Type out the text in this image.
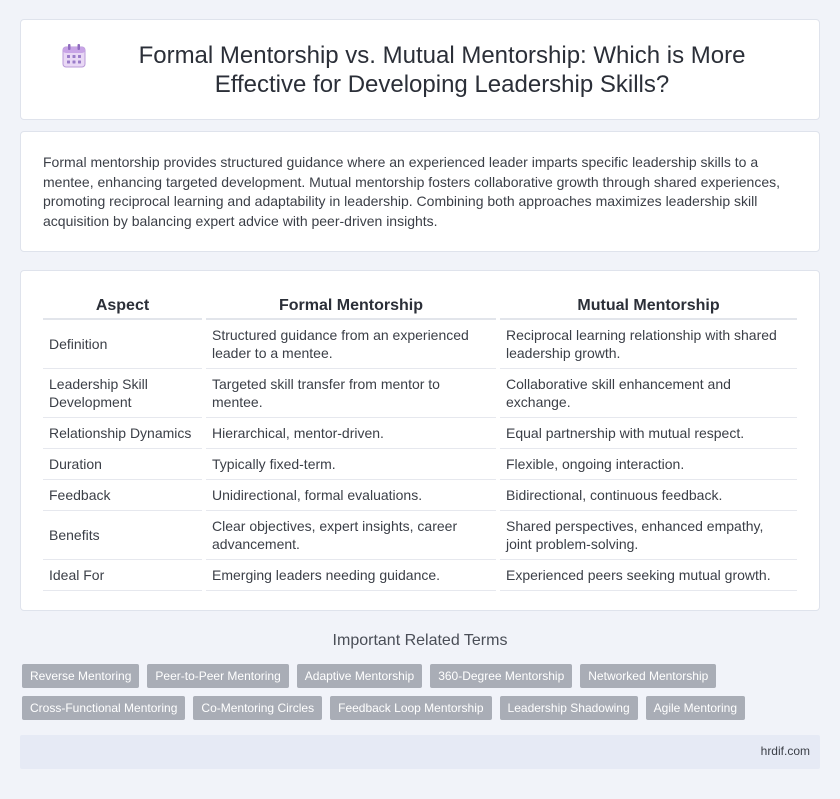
Formal Mentorship vs. Mutual Mentorship: Which is More Effective for Developing Leadership Skills?

Formal mentorship provides structured guidance where an experienced leader imparts specific leadership skills to a mentee, enhancing targeted development. Mutual mentorship fosters collaborative growth through shared experiences, promoting reciprocal learning and adaptability in leadership. Combining both approaches maximizes leadership skill acquisition by balancing expert advice with peer-driven insights.

Aspect	Formal Mentorship	Mutual Mentorship
Definition	Structured guidance from an experienced leader to a mentee.	Reciprocal learning relationship with shared leadership growth.
Leadership Skill Development	Targeted skill transfer from mentor to mentee.	Collaborative skill enhancement and exchange.
Relationship Dynamics	Hierarchical, mentor-driven.	Equal partnership with mutual respect.
Duration	Typically fixed-term.	Flexible, ongoing interaction.
Feedback	Unidirectional, formal evaluations.	Bidirectional, continuous feedback.
Benefits	Clear objectives, expert insights, career advancement.	Shared perspectives, enhanced empathy, joint problem-solving.
Ideal For	Emerging leaders needing guidance.	Experienced peers seeking mutual growth.
Important Related Terms
Reverse Mentoring	Peer-to-Peer Mentoring	Adaptive Mentorship	360-Degree Mentorship	Networked Mentorship
Cross-Functional Mentoring	Co-Mentoring Circles	Feedback Loop Mentorship	Leadership Shadowing	Agile Mentoring
hrdif.com
